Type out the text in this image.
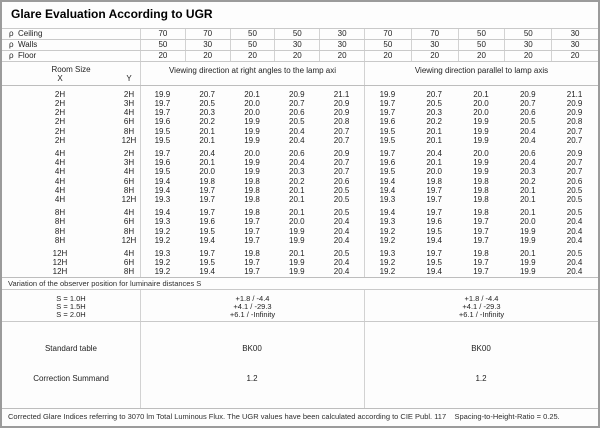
Glare Evaluation According to UGR
ρ  Ceiling	70	70	50	50	30	70	70	50	50	30
ρ  Walls	50	30	50	30	30	50	30	50	30	30
ρ  Floor	20	20	20	20	20	20	20	20	20	20
Room Size
X	Y
Viewing direction at right angles to the lamp axi	Viewing direction parallel to lamp axis
2H	2H	19.9	20.7	20.1	20.9	21.1	19.9	20.7	20.1	20.9	21.1
2H	3H	19.7	20.5	20.0	20.7	20.9	19.7	20.5	20.0	20.7	20.9
2H	4H	19.7	20.3	20.0	20.6	20.9	19.7	20.3	20.0	20.6	20.9
2H	6H	19.6	20.2	19.9	20.5	20.8	19.6	20.2	19.9	20.5	20.8
2H	8H	19.5	20.1	19.9	20.4	20.7	19.5	20.1	19.9	20.4	20.7
2H	12H	19.5	20.1	19.9	20.4	20.7	19.5	20.1	19.9	20.4	20.7
4H	2H	19.7	20.4	20.0	20.6	20.9	19.7	20.4	20.0	20.6	20.9
4H	3H	19.6	20.1	19.9	20.4	20.7	19.6	20.1	19.9	20.4	20.7
4H	4H	19.5	20.0	19.9	20.3	20.7	19.5	20.0	19.9	20.3	20.7
4H	6H	19.4	19.8	19.8	20.2	20.6	19.4	19.8	19.8	20.2	20.6
4H	8H	19.4	19.7	19.8	20.1	20.5	19.4	19.7	19.8	20.1	20.5
4H	12H	19.3	19.7	19.8	20.1	20.5	19.3	19.7	19.8	20.1	20.5
8H	4H	19.4	19.7	19.8	20.1	20.5	19.4	19.7	19.8	20.1	20.5
8H	6H	19.3	19.6	19.7	20.0	20.4	19.3	19.6	19.7	20.0	20.4
8H	8H	19.2	19.5	19.7	19.9	20.4	19.2	19.5	19.7	19.9	20.4
8H	12H	19.2	19.4	19.7	19.9	20.4	19.2	19.4	19.7	19.9	20.4
12H	4H	19.3	19.7	19.8	20.1	20.5	19.3	19.7	19.8	20.1	20.5
12H	6H	19.2	19.5	19.7	19.9	20.4	19.2	19.5	19.7	19.9	20.4
12H	8H	19.2	19.4	19.7	19.9	20.4	19.2	19.4	19.7	19.9	20.4
Variation of the observer position for luminaire distances S
S = 1.0H
S = 1.5H
S = 2.0H
+1.8 / -4.4
+4.1 / -29.3
+6.1 / -Infinity
+1.8 / -4.4
+4.1 / -29.3
+6.1 / -Infinity
Standard table	BK00	BK00
Correction Summand	1.2	1.2
Corrected Glare Indices referring to 3070 lm Total Luminous Flux. The UGR values have been calculated according to CIE Publ. 117    Spacing-to-Height-Ratio = 0.25.
